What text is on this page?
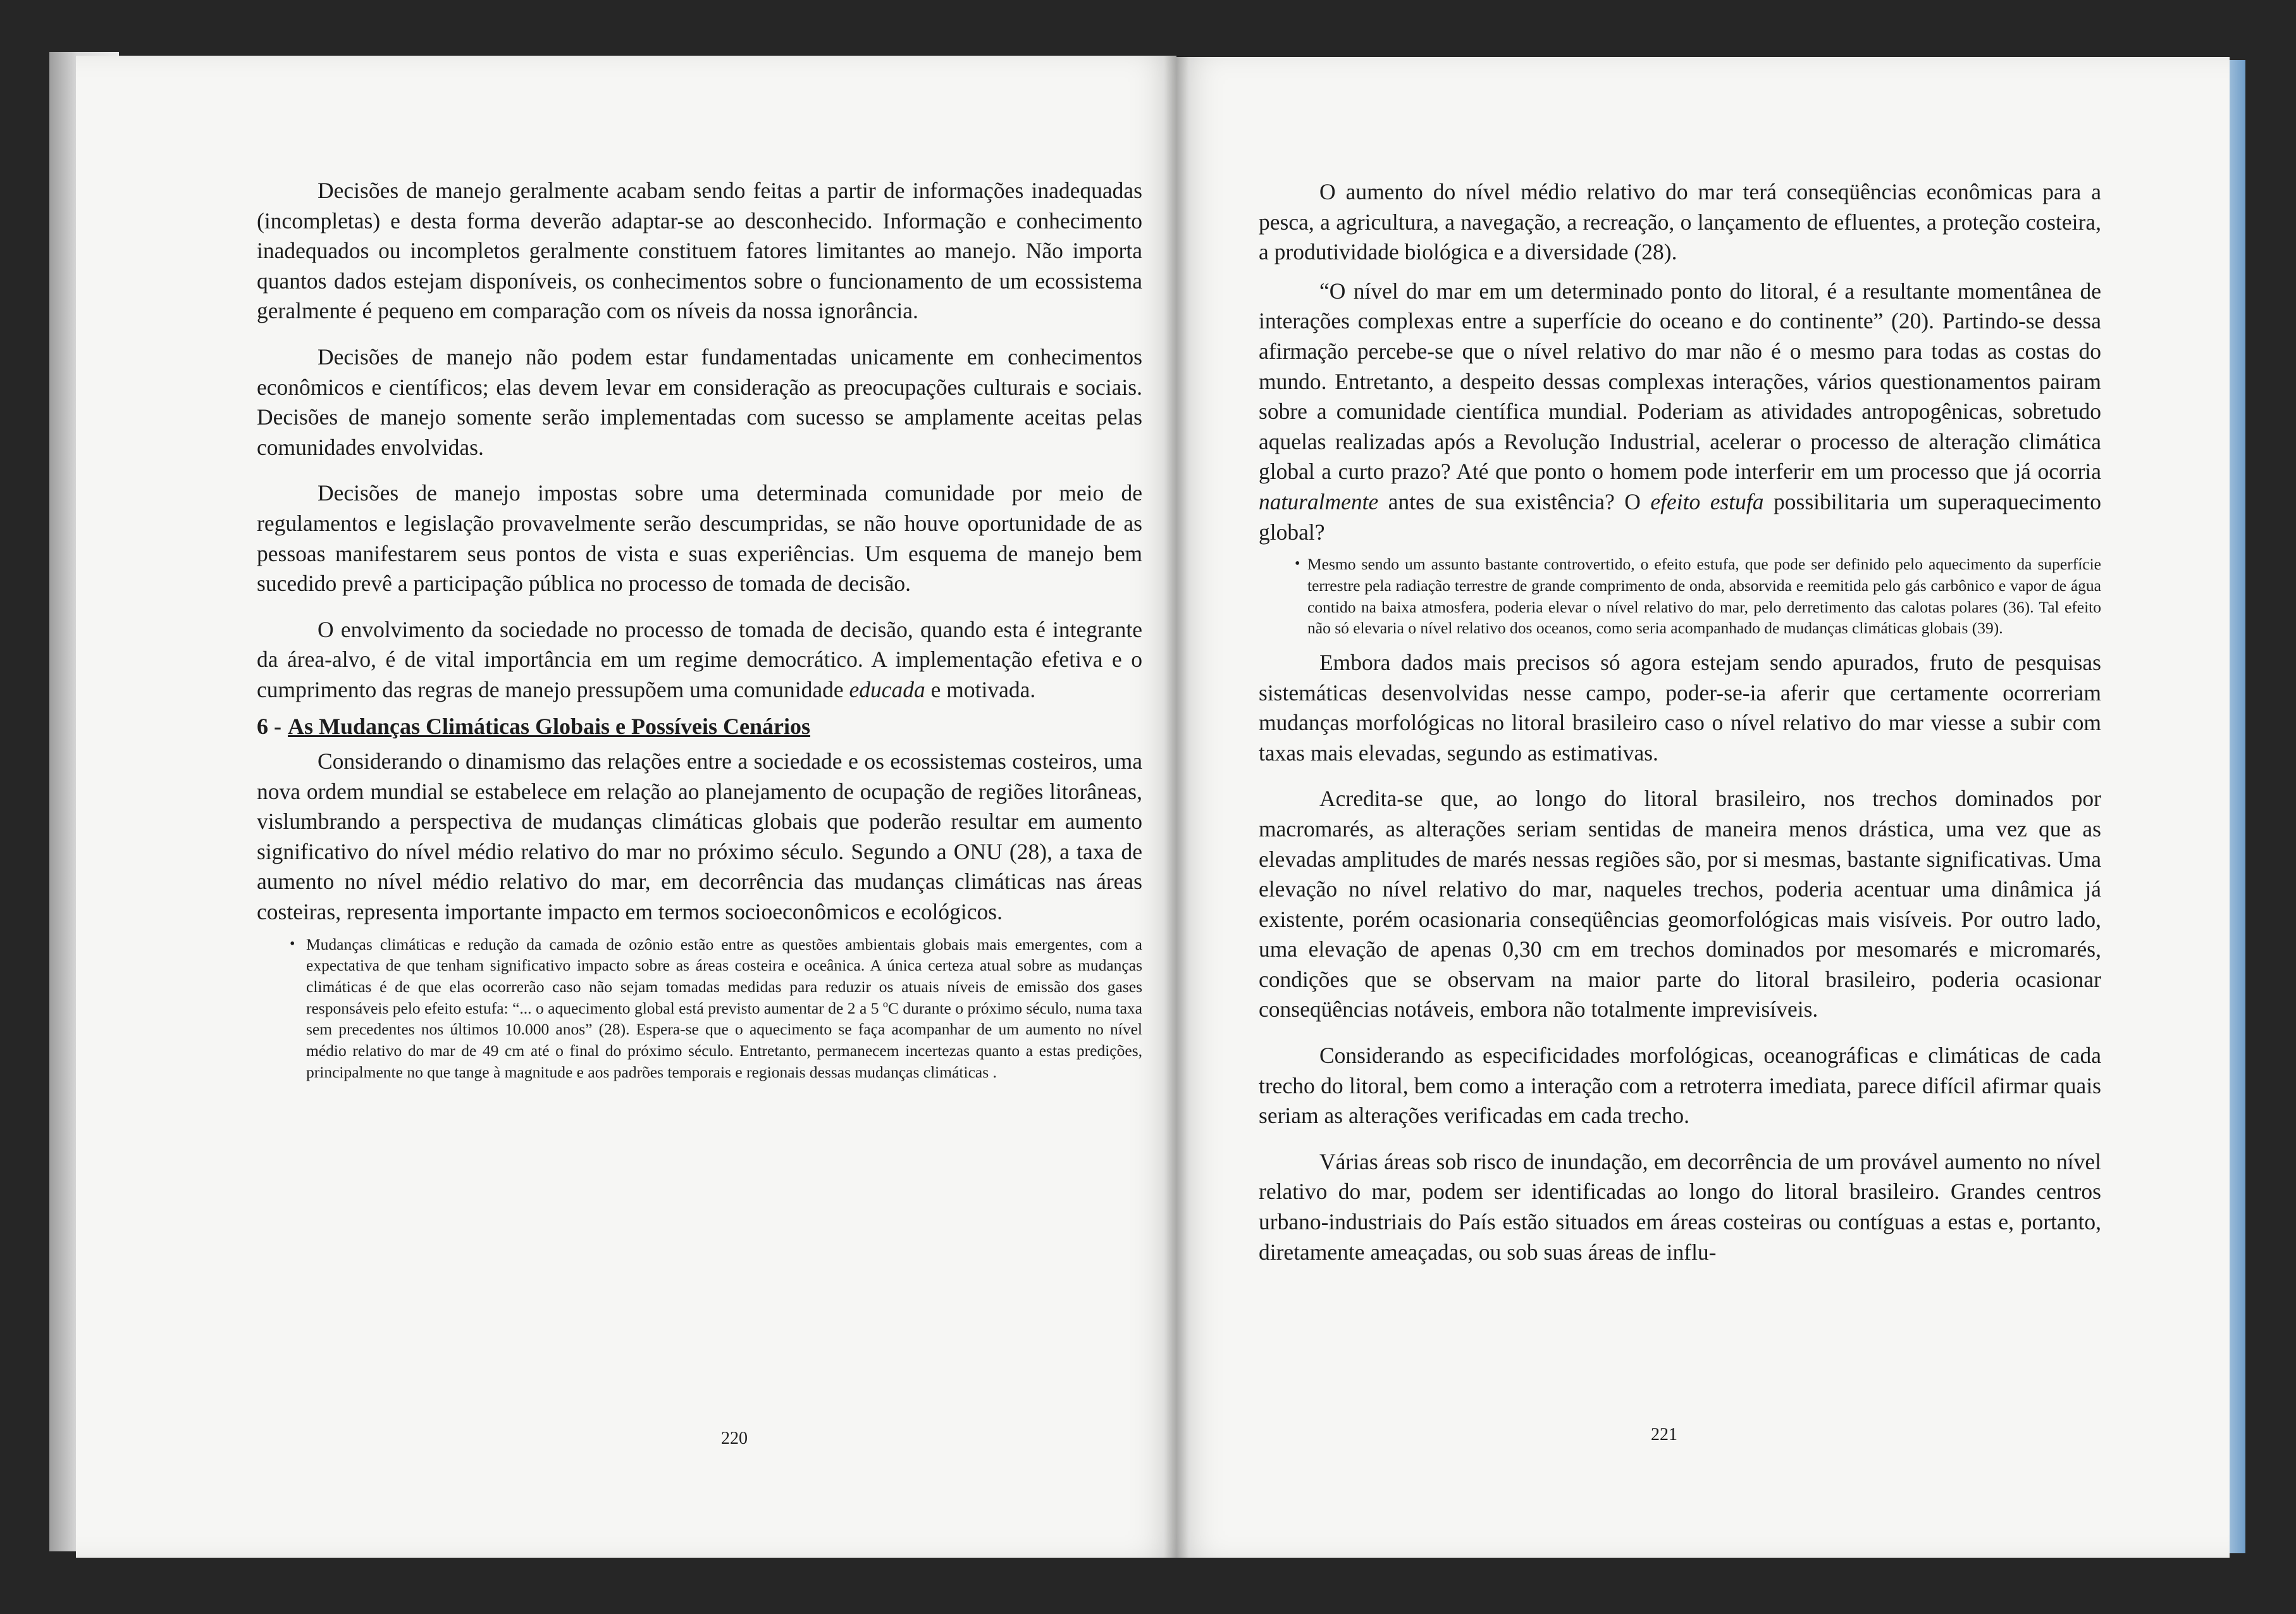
Decisões de manejo geralmente acabam sendo feitas a partir de informações inadequadas (incompletas) e desta forma deverão adaptar-se ao desconhecido. Informação e conhecimento inadequados ou incompletos geralmente constituem fatores limitantes ao manejo. Não importa quantos dados estejam disponíveis, os conhecimentos sobre o funcionamento de um ecossistema geralmente é pequeno em comparação com os níveis da nossa ignorância.

Decisões de manejo não podem estar fundamentadas unicamente em conhecimentos econômicos e científicos; elas devem levar em consideração as preocupações culturais e sociais. Decisões de manejo somente serão implementadas com sucesso se amplamente aceitas pelas comunidades envolvidas.

Decisões de manejo impostas sobre uma determinada comunidade por meio de regulamentos e legislação provavelmente serão descumpridas, se não houve oportunidade de as pessoas manifestarem seus pontos de vista e suas experiências. Um esquema de manejo bem sucedido prevê a participação pública no processo de tomada de decisão.

O envolvimento da sociedade no processo de tomada de decisão, quando esta é integrante da área-alvo, é de vital importância em um regime democrático. A implementação efetiva e o cumprimento das regras de manejo pressupõem uma comunidade educada e motivada.

6 - As Mudanças Climáticas Globais e Possíveis Cenários

Considerando o dinamismo das relações entre a sociedade e os ecossistemas costeiros, uma nova ordem mundial se estabelece em relação ao planejamento de ocupação de regiões litorâneas, vislumbrando a perspectiva de mudanças climáticas globais que poderão resultar em aumento significativo do nível médio relativo do mar no próximo século. Segundo a ONU (28), a taxa de aumento no nível médio relativo do mar, em decorrência das mudanças climáticas nas áreas costeiras, representa importante impacto em termos socioeconômicos e ecológicos.

• Mudanças climáticas e redução da camada de ozônio estão entre as questões ambientais globais mais emergentes, com a expectativa de que tenham significativo impacto sobre as áreas costeira e oceânica. A única certeza atual sobre as mudanças climáticas é de que elas ocorrerão caso não sejam tomadas medidas para reduzir os atuais níveis de emissão dos gases responsáveis pelo efeito estufa: “... o aquecimento global está previsto aumentar de 2 a 5 ºC durante o próximo século, numa taxa sem precedentes nos últimos 10.000 anos” (28). Espera-se que o aquecimento se faça acompanhar de um aumento no nível médio relativo do mar de 49 cm até o final do próximo século. Entretanto, permanecem incertezas quanto a estas predições, principalmente no que tange à magnitude e aos padrões temporais e regionais dessas mudanças climáticas .
220

O aumento do nível médio relativo do mar terá conseqüências econômicas para a pesca, a agricultura, a navegação, a recreação, o lançamento de efluentes, a proteção costeira, a produtividade biológica e a diversidade (28).

“O nível do mar em um determinado ponto do litoral, é a resultante momentânea de interações complexas entre a superfície do oceano e do continente” (20). Partindo-se dessa afirmação percebe-se que o nível relativo do mar não é o mesmo para todas as costas do mundo. Entretanto, a despeito dessas complexas interações, vários questionamentos pairam sobre a comunidade científica mundial. Poderiam as atividades antropogênicas, sobretudo aquelas realizadas após a Revolução Industrial, acelerar o processo de alteração climática global a curto prazo? Até que ponto o homem pode interferir em um processo que já ocorria naturalmente antes de sua existência? O efeito estufa possibilitaria um superaquecimento global?

• Mesmo sendo um assunto bastante controvertido, o efeito estufa, que pode ser definido pelo aquecimento da superfície terrestre pela radiação terrestre de grande comprimento de onda, absorvida e reemitida pelo gás carbônico e vapor de água contido na baixa atmosfera, poderia elevar o nível relativo do mar, pelo derretimento das calotas polares (36). Tal efeito não só elevaria o nível relativo dos oceanos, como seria acompanhado de mudanças climáticas globais (39).

Embora dados mais precisos só agora estejam sendo apurados, fruto de pesquisas sistemáticas desenvolvidas nesse campo, poder-se-ia aferir que certamente ocorreriam mudanças morfológicas no litoral brasileiro caso o nível relativo do mar viesse a subir com taxas mais elevadas, segundo as estimativas.

Acredita-se que, ao longo do litoral brasileiro, nos trechos dominados por macromarés, as alterações seriam sentidas de maneira menos drástica, uma vez que as elevadas amplitudes de marés nessas regiões são, por si mesmas, bastante significativas. Uma elevação no nível relativo do mar, naqueles trechos, poderia acentuar uma dinâmica já existente, porém ocasionaria conseqüências geomorfológicas mais visíveis. Por outro lado, uma elevação de apenas 0,30 cm em trechos dominados por mesomarés e micromarés, condições que se observam na maior parte do litoral brasileiro, poderia ocasionar conseqüências notáveis, embora não totalmente imprevisíveis.

Considerando as especificidades morfológicas, oceanográficas e climáticas de cada trecho do litoral, bem como a interação com a retroterra imediata, parece difícil afirmar quais seriam as alterações verificadas em cada trecho.

Várias áreas sob risco de inundação, em decorrência de um provável aumento no nível relativo do mar, podem ser identificadas ao longo do litoral brasileiro. Grandes centros urbano-industriais do País estão situados em áreas costeiras ou contíguas a estas e, portanto, diretamente ameaçadas, ou sob suas áreas de influ-

221
